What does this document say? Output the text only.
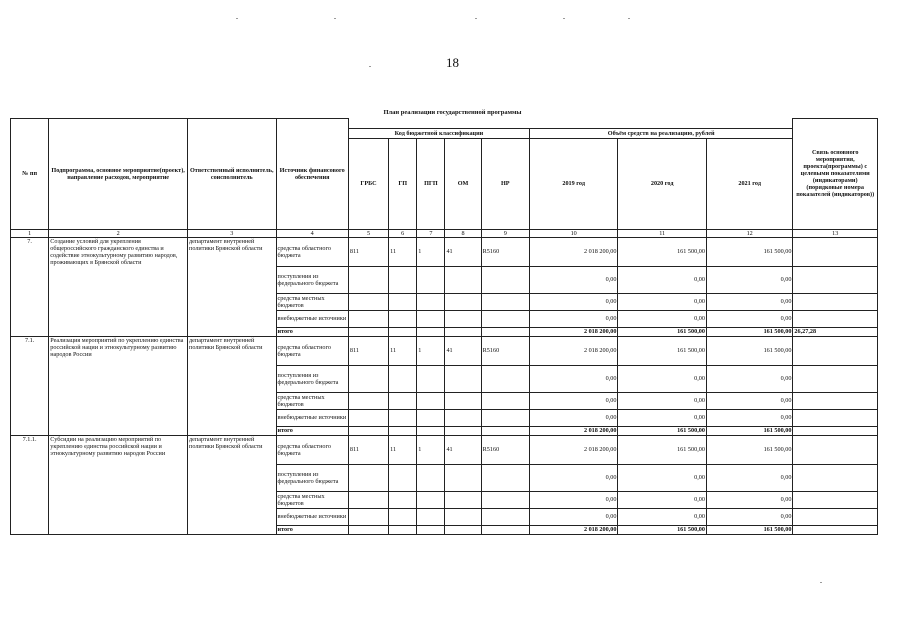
18
План реализации государственной программы
№ пп	Подпрограмма, основное мероприятие(проект), направление расходов, мероприятие	Ответственный исполнитель, соисполнитель	Источник финансового обеспечения									Связь основного мероприятия, проекта(программы) с целевыми показателями (индикаторами) (порядковые номера показателей (индикаторов))
				Код бюджетной классификации					Объём средств на реализацию, рублей			
				ГРБС	ГП	ПГП	ОМ	НР	2019 год	2020 год	2021 год	
1	2	3	4	5	6	7	8	9	10	11	12	13
7.	Создание условий для укрепления общероссийского гражданского единства и содействие этнокультурному развитию народов, проживающих в Брянской области	департамент внутренней политики Брянской области	средства областного бюджета	811	11	1	41	R5160	2 018 200,00	161 500,00	161 500,00	
			поступления из федерального бюджета						0,00	0,00	0,00	
			средства местных бюджетов						0,00	0,00	0,00	
			внебюджетные источники						0,00	0,00	0,00	
			итого						2 018 200,00	161 500,00	161 500,00	26,27,28
7.1.	Реализация мероприятий по укреплению единства российской нации и этнокультурному развитию народов России	департамент внутренней политики Брянской области	средства областного бюджета	811	11	1	41	R5160	2 018 200,00	161 500,00	161 500,00	
			поступления из федерального бюджета						0,00	0,00	0,00	
			средства местных бюджетов						0,00	0,00	0,00	
			внебюджетные источники						0,00	0,00	0,00	
			итого						2 018 200,00	161 500,00	161 500,00	
7.1.1.	Субсидии на реализацию мероприятий по укреплению единства российской нации и этнокультурному развитию народов России	департамент внутренней политики Брянской области	средства областного бюджета	811	11	1	41	R5160	2 018 200,00	161 500,00	161 500,00	
			поступления из федерального бюджета						0,00	0,00	0,00	
			средства местных бюджетов						0,00	0,00	0,00	
			внебюджетные источники						0,00	0,00	0,00	
			итого						2 018 200,00	161 500,00	161 500,00	
